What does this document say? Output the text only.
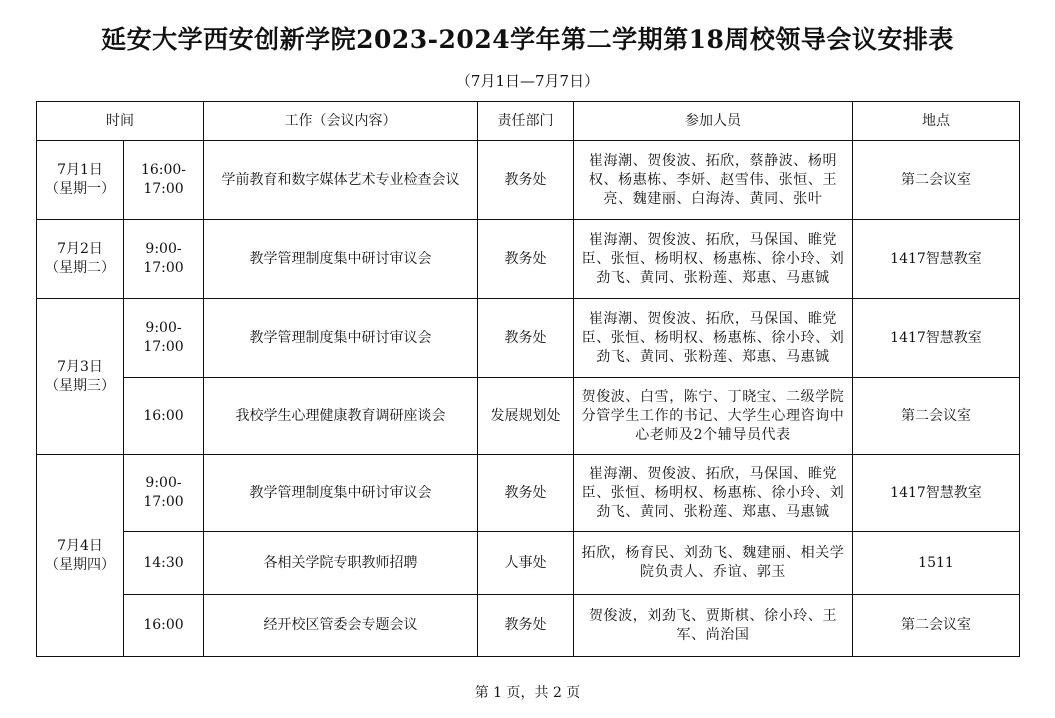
延安大学西安创新学院2023-2024学年第二学期第18周校领导会议安排表
（7月1日—7月7日）
时间		工作（会议内容）	责任部门	参加人员	地点

7月1日
（星期一）	16:00-17:00	学前教育和数字媒体艺术专业检查会议	教务处	崔海潮、贺俊波、拓欣，蔡静波、杨明权、杨惠栋、李妍、赵雪伟、张恒、王亮、魏建丽、白海涛、黄同、张叶	第二会议室

7月2日
（星期二）	9:00-17:00	教学管理制度集中研讨审议会	教务处	崔海潮、贺俊波、拓欣，马保国、睢党臣、张恒、杨明权、杨惠栋、徐小玲、刘劲飞、黄同、张粉莲、郑惠、马惠铖	1417智慧教室

7月3日
（星期三）	9:00-17:00	教学管理制度集中研讨审议会	教务处	崔海潮、贺俊波、拓欣，马保国、睢党臣、张恒、杨明权、杨惠栋、徐小玲、刘劲飞、黄同、张粉莲、郑惠、马惠铖	1417智慧教室
	16:00	我校学生心理健康教育调研座谈会	发展规划处	贺俊波、白雪，陈宁、丁晓宝、二级学院分管学生工作的书记、大学生心理咨询中心老师及2个辅导员代表	第二会议室

7月4日
（星期四）	9:00-17:00	教学管理制度集中研讨审议会	教务处	崔海潮、贺俊波、拓欣，马保国、睢党臣、张恒、杨明权、杨惠栋、徐小玲、刘劲飞、黄同、张粉莲、郑惠、马惠铖	1417智慧教室
	14:30	各相关学院专职教师招聘	人事处	拓欣，杨育民、刘劲飞、魏建丽、相关学院负责人、乔谊、郭玉	1511
	16:00	经开校区管委会专题会议	教务处	贺俊波，刘劲飞、贾斯棋、徐小玲、王军、尚治国	第二会议室
第 1 页，共 2 页
